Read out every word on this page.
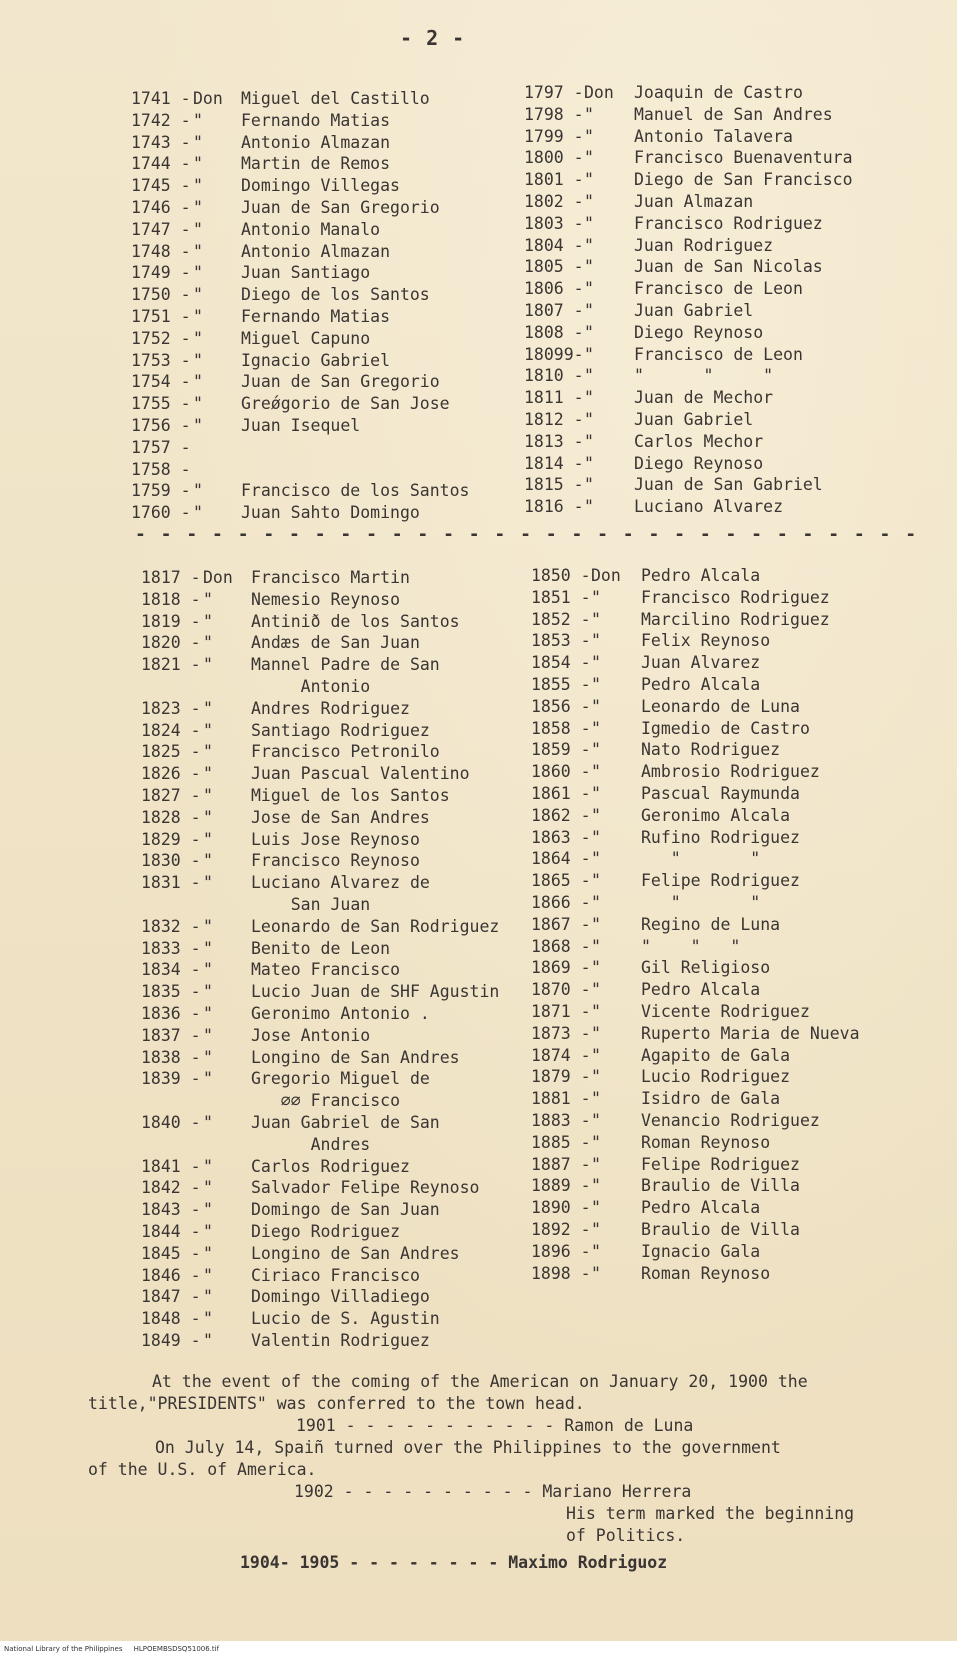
- 2 -
1741 - Don Miguel del Castillo
1742 - " Fernando Matias
1743 - " Antonio Almazan
1744 - " Martin de Remos
1745 - " Domingo Villegas
1746 - " Juan de San Gregorio
1747 - " Antonio Manalo
1748 - " Antonio Almazan
1749 - " Juan Santiago
1750 - " Diego de los Santos
1751 - " Fernando Matias
1752 - " Miguel Capuno
1753 - " Ignacio Gabriel
1754 - " Juan de San Gregorio
1755 - " Greǿgorio de San Jose
1756 - " Juan Isequel
1757 -
1758 -
1759 - " Francisco de los Santos
1760 - " Juan Sahto Domingo
1797 -Don Joaquin de Castro
1798 -" Manuel de San Andres
1799 -" Antonio Talavera
1800 -" Francisco Buenaventura
1801 -" Diego de San Francisco
1802 -" Juan Almazan
1803 -" Francisco Rodriguez
1804 -" Juan Rodriguez
1805 -" Juan de San Nicolas
1806 -" Francisco de Leon
1807 -" Juan Gabriel
1808 -" Diego Reynoso
18099-" Francisco de Leon
1810 -" "      "     "
1811 -" Juan de Mechor
1812 -" Juan Gabriel
1813 -" Carlos Mechor
1814 -" Diego Reynoso
1815 -" Juan de San Gabriel
1816 -" Luciano Alvarez
- - - - - - - - - - - - - - - - - - - - - - - - - - - - - - -
1817 - Don Francisco Martin
1818 - " Nemesio Reynoso
1819 - " Antinið de los Santos
1820 - " Andæs de San Juan
1821 - " Mannel Padre de San
Antonio
1823 - " Andres Rodriguez
1824 - " Santiago Rodriguez
1825 - " Francisco Petronilo
1826 - " Juan Pascual Valentino
1827 - " Miguel de los Santos
1828 - " Jose de San Andres
1829 - " Luis Jose Reynoso
1830 - " Francisco Reynoso
1831 - " Luciano Alvarez de
San Juan
1832 - " Leonardo de San Rodriguez
1833 - " Benito de Leon
1834 - " Mateo Francisco
1835 - " Lucio Juan de SHF Agustin
1836 - " Geronimo Antonio .
1837 - " Jose Antonio
1838 - " Longino de San Andres
1839 - " Gregorio Miguel de
∅∅ Francisco
1840 - " Juan Gabriel de San
Andres
1841 - " Carlos Rodriguez
1842 - " Salvador Felipe Reynoso
1843 - " Domingo de San Juan
1844 - " Diego Rodriguez
1845 - " Longino de San Andres
1846 - " Ciriaco Francisco
1847 - " Domingo Villadiego
1848 - " Lucio de S. Agustin
1849 - " Valentin Rodriguez
1850 -Don Pedro Alcala
1851 -" Francisco Rodriguez
1852 -" Marcilino Rodriguez
1853 -" Felix Reynoso
1854 -" Juan Alvarez
1855 -" Pedro Alcala
1856 -" Leonardo de Luna
1858 -" Igmedio de Castro
1859 -" Nato Rodriguez
1860 -" Ambrosio Rodriguez
1861 -" Pascual Raymunda
1862 -" Geronimo Alcala
1863 -" Rufino Rodriguez
1864 -"   "       "
1865 -" Felipe Rodriguez
1866 -"   "       "
1867 -" Regino de Luna
1868 -" "    "   "
1869 -" Gil Religioso
1870 -" Pedro Alcala
1871 -" Vicente Rodriguez
1873 -" Ruperto Maria de Nueva
1874 -" Agapito de Gala
1879 -" Lucio Rodriguez
1881 -" Isidro de Gala
1883 -" Venancio Rodriguez
1885 -" Roman Reynoso
1887 -" Felipe Rodriguez
1889 -" Braulio de Villa
1890 -" Pedro Alcala
1892 -" Braulio de Villa
1896 -" Ignacio Gala
1898 -" Roman Reynoso
At the event of the coming of the American on January 20, 1900 the
title,"PRESIDENTS" was conferred to the town head.
1901 - - - - - - - - - - - Ramon de Luna
On July 14, Spaiñ turned over the Philippines to the government
of the U.S. of America.
1902 - - - - - - - - - - Mariano Herrera
His term marked the beginning
of Politics.
1904- 1905 - - - - - - - - Maximo Rodriguoz
National Library of the Philippines     HLPOEMBSDSQ51006.tif
